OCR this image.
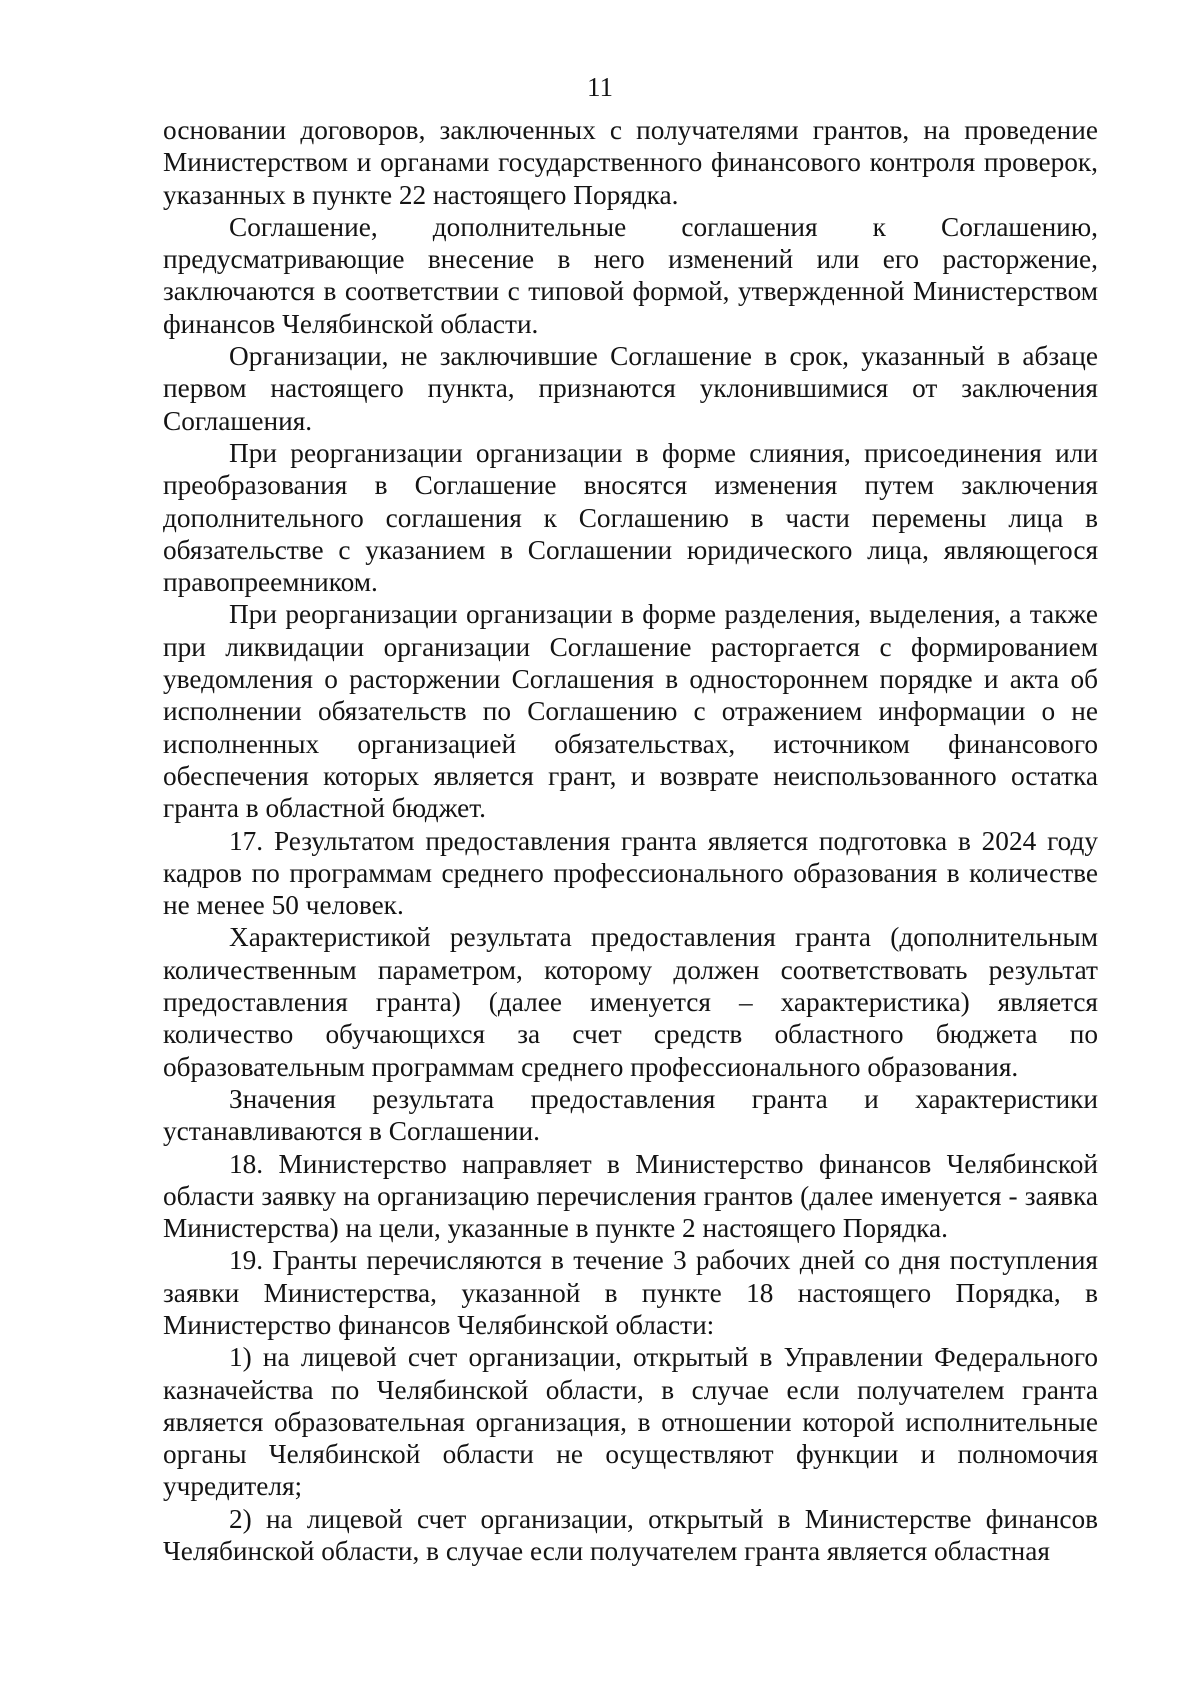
11

основании договоров, заключенных с получателями грантов, на проведение Министерством и органами государственного финансового контроля проверок, указанных в пункте 22 настоящего Порядка.

Соглашение, дополнительные соглашения к Соглашению, предусматривающие внесение в него изменений или его расторжение, заключаются в соответствии с типовой формой, утвержденной Министерством финансов Челябинской области.

Организации, не заключившие Соглашение в срок, указанный в абзаце первом настоящего пункта, признаются уклонившимися от заключения Соглашения.

При реорганизации организации в форме слияния, присоединения или преобразования в Соглашение вносятся изменения путем заключения дополнительного соглашения к Соглашению в части перемены лица в обязательстве с указанием в Соглашении юридического лица, являющегося правопреемником.

При реорганизации организации в форме разделения, выделения, а также при ликвидации организации Соглашение расторгается с формированием уведомления о расторжении Соглашения в одностороннем порядке и акта об исполнении обязательств по Соглашению с отражением информации о не исполненных организацией обязательствах, источником финансового обеспечения которых является грант, и возврате неиспользованного остатка гранта в областной бюджет.

17. Результатом предоставления гранта является подготовка в 2024 году кадров по программам среднего профессионального образования в количестве не менее 50 человек.

Характеристикой результата предоставления гранта (дополнительным количественным параметром, которому должен соответствовать результат предоставления гранта) (далее именуется – характеристика) является количество обучающихся за счет средств областного бюджета по образовательным программам среднего профессионального образования.

Значения результата предоставления гранта и характеристики устанавливаются в Соглашении.

18. Министерство направляет в Министерство финансов Челябинской области заявку на организацию перечисления грантов (далее именуется - заявка Министерства) на цели, указанные в пункте 2 настоящего Порядка.

19. Гранты перечисляются в течение 3 рабочих дней со дня поступления заявки Министерства, указанной в пункте 18 настоящего Порядка, в Министерство финансов Челябинской области:

1) на лицевой счет организации, открытый в Управлении Федерального казначейства по Челябинской области, в случае если получателем гранта является образовательная организация, в отношении которой исполнительные органы Челябинской области не осуществляют функции и полномочия учредителя;

2) на лицевой счет организации, открытый в Министерстве финансов Челябинской области, в случае если получателем гранта является областная
